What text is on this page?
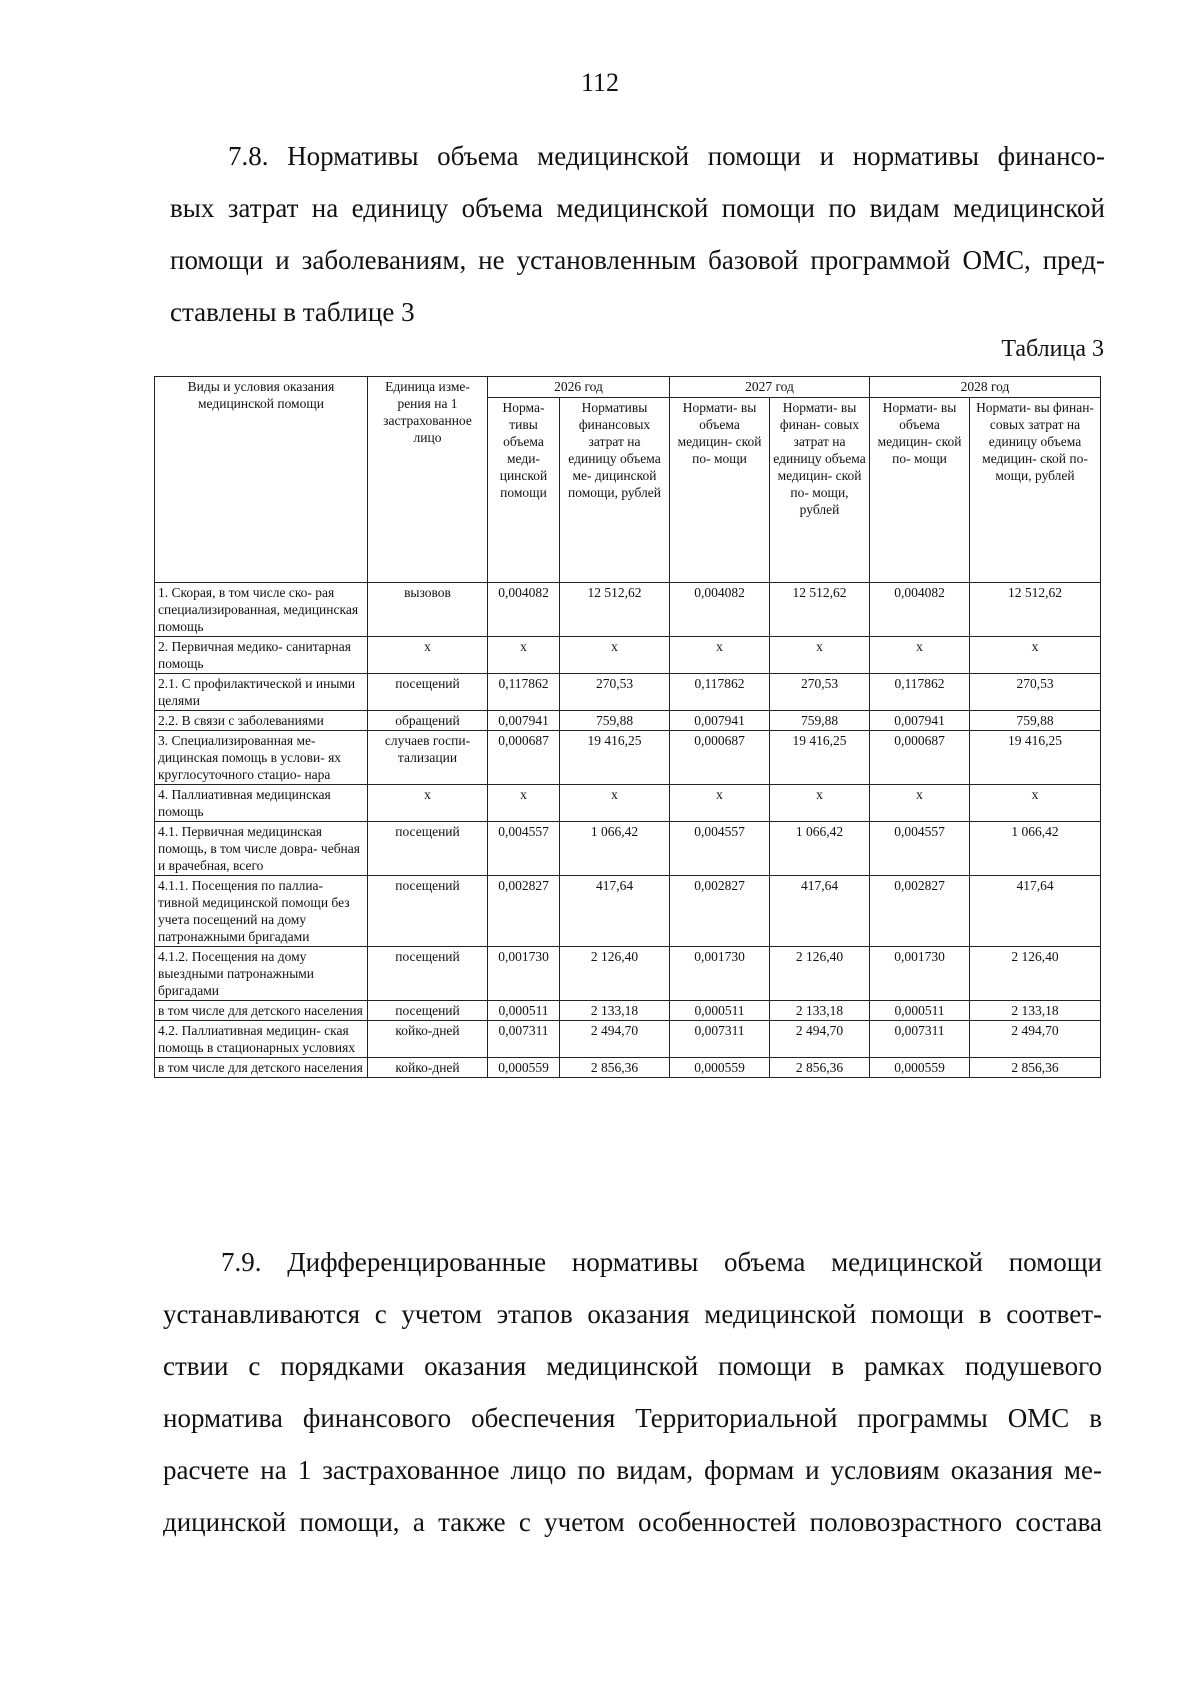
112

7.8. Нормативы объема медицинской помощи и нормативы финансо-
вых затрат на единицу объема медицинской помощи по видам медицинской
помощи и заболеваниям, не установленным базовой программой ОМС, пред-
ставлены в таблице 3

Таблица 3
Виды и условия оказания медицинской помощи	Единица изме- рения на 1 застрахованное лицо	2026 год		2027 год		2028 год	
		Норма- тивы объема меди- цинской помощи	Нормативы финансовых затрат на единицу объема ме- дицинской помощи, рублей	Нормати- вы объема медицин- ской по- мощи	Нормати- вы финан- совых затрат на единицу объема медицин- ской по- мощи, рублей	Нормати- вы объема медицин- ской по- мощи	Нормати- вы финан- совых затрат на единицу объема медицин- ской по- мощи, рублей
1. Скорая, в том числе ско- рая специализированная, медицинская помощь	вызовов	0,004082	12 512,62	0,004082	12 512,62	0,004082	12 512,62
2. Первичная медико- санитарная помощь	x	x	x	x	x	x	x
2.1. С профилактической и иными целями	посещений	0,117862	270,53	0,117862	270,53	0,117862	270,53
2.2. В связи с заболеваниями	обращений	0,007941	759,88	0,007941	759,88	0,007941	759,88
3. Специализированная ме- дицинская помощь в услови- ях круглосуточного стацио- нара	случаев госпи- тализации	0,000687	19 416,25	0,000687	19 416,25	0,000687	19 416,25
4. Паллиативная медицинская помощь	x	x	x	x	x	x	x
4.1. Первичная медицинская помощь, в том числе довра- чебная и врачебная, всего	посещений	0,004557	1 066,42	0,004557	1 066,42	0,004557	1 066,42
4.1.1. Посещения по паллиа- тивной медицинской помощи без учета посещений на дому патронажными бригадами	посещений	0,002827	417,64	0,002827	417,64	0,002827	417,64
4.1.2. Посещения на дому выездными патронажными бригадами	посещений	0,001730	2 126,40	0,001730	2 126,40	0,001730	2 126,40
в том числе для детского населения	посещений	0,000511	2 133,18	0,000511	2 133,18	0,000511	2 133,18
4.2. Паллиативная медицин- ская помощь в стационарных условиях	койко-дней	0,007311	2 494,70	0,007311	2 494,70	0,007311	2 494,70
в том числе для детского населения	койко-дней	0,000559	2 856,36	0,000559	2 856,36	0,000559	2 856,36

7.9. Дифференцированные нормативы объема медицинской помощи
устанавливаются с учетом этапов оказания медицинской помощи в соответ-
ствии с порядками оказания медицинской помощи в рамках подушевого
норматива финансового обеспечения Территориальной программы ОМС в
расчете на 1 застрахованное лицо по видам, формам и условиям оказания ме-
дицинской помощи, а также с учетом особенностей половозрастного состава
